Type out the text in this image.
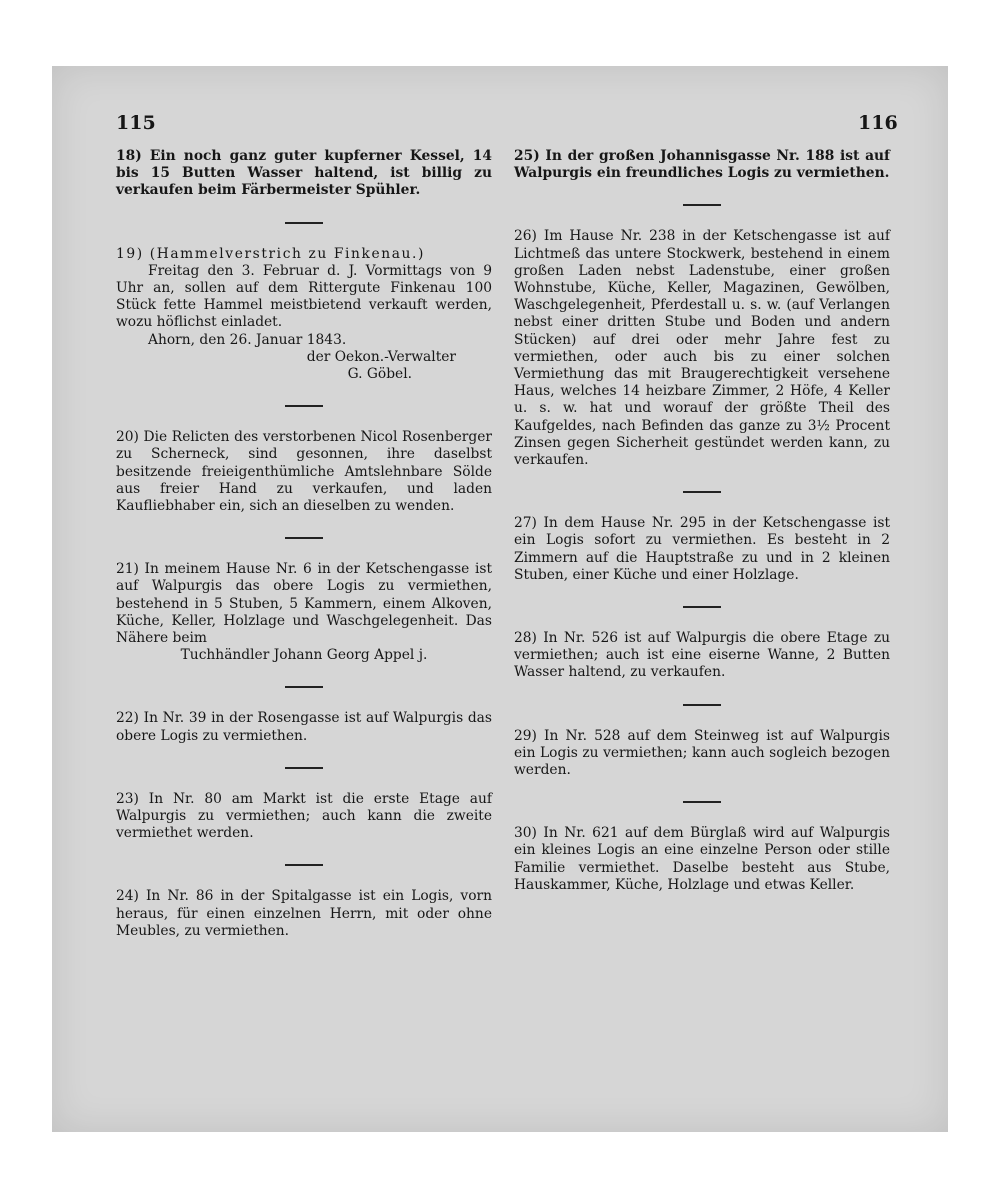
115	116

18) Ein noch ganz guter kupferner Kessel, 14 bis 15 Butten Wasser haltend, ist billig zu verkaufen beim Färbermeister Spühler.

19) (Hammelverstrich zu Finkenau.)

Freitag den 3. Februar d. J. Vormittags von 9 Uhr an, sollen auf dem Rittergute Finkenau 100 Stück fette Hammel meistbietend verkauft werden, wozu höflichst einladet.

Ahorn, den 26. Januar 1843.

der Oekon.-Verwalter

G. Göbel.

20) Die Relicten des verstorbenen Nicol Rosenberger zu Scherneck, sind gesonnen, ihre daselbst besitzende freieigenthümliche Amtslehnbare Sölde aus freier Hand zu verkaufen, und laden Kaufliebhaber ein, sich an dieselben zu wenden.

21) In meinem Hause Nr. 6 in der Ketschengasse ist auf Walpurgis das obere Logis zu vermiethen, bestehend in 5 Stuben, 5 Kammern, einem Alkoven, Küche, Keller, Holzlage und Waschgelegenheit. Das Nähere beim

Tuchhändler Johann Georg Appel j.

22) In Nr. 39 in der Rosengasse ist auf Walpurgis das obere Logis zu vermiethen.

23) In Nr. 80 am Markt ist die erste Etage auf Walpurgis zu vermiethen; auch kann die zweite vermiethet werden.

24) In Nr. 86 in der Spitalgasse ist ein Logis, vorn heraus, für einen einzelnen Herrn, mit oder ohne Meubles, zu vermiethen.

25) In der großen Johannisgasse Nr. 188 ist auf Walpurgis ein freundliches Logis zu vermiethen.

26) Im Hause Nr. 238 in der Ketschengasse ist auf Lichtmeß das untere Stockwerk, bestehend in einem großen Laden nebst Ladenstube, einer großen Wohnstube, Küche, Keller, Magazinen, Gewölben, Waschgelegenheit, Pferdestall u. s. w. (auf Verlangen nebst einer dritten Stube und Boden und andern Stücken) auf drei oder mehr Jahre fest zu vermiethen, oder auch bis zu einer solchen Vermiethung das mit Braugerechtigkeit versehene Haus, welches 14 heizbare Zimmer, 2 Höfe, 4 Keller u. s. w. hat und worauf der größte Theil des Kaufgeldes, nach Befinden das ganze zu 3½ Procent Zinsen gegen Sicherheit gestündet werden kann, zu verkaufen.

27) In dem Hause Nr. 295 in der Ketschengasse ist ein Logis sofort zu vermiethen. Es besteht in 2 Zimmern auf die Hauptstraße zu und in 2 kleinen Stuben, einer Küche und einer Holzlage.

28) In Nr. 526 ist auf Walpurgis die obere Etage zu vermiethen; auch ist eine eiserne Wanne, 2 Butten Wasser haltend, zu verkaufen.

29) In Nr. 528 auf dem Steinweg ist auf Walpurgis ein Logis zu vermiethen; kann auch sogleich bezogen werden.

30) In Nr. 621 auf dem Bürglaß wird auf Walpurgis ein kleines Logis an eine einzelne Person oder stille Familie vermiethet. Daselbe besteht aus Stube, Hauskammer, Küche, Holzlage und etwas Keller.
